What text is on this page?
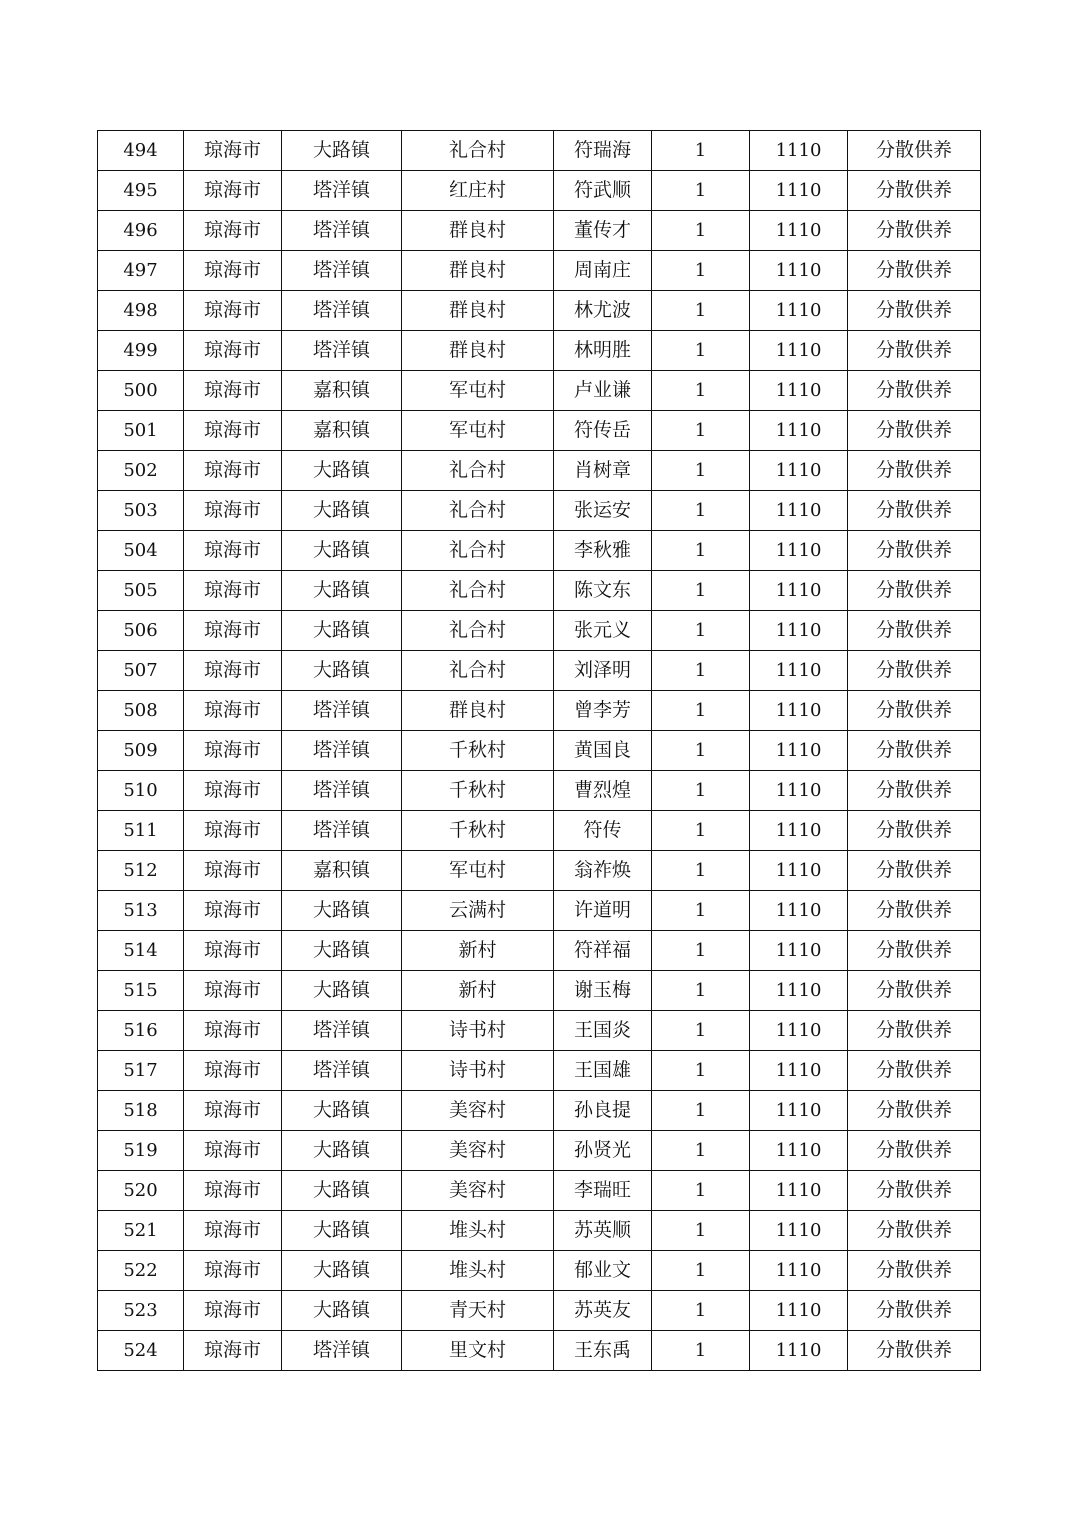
494	琼海市	大路镇	礼合村	符瑞海	1	1110	分散供养
495	琼海市	塔洋镇	红庄村	符武顺	1	1110	分散供养
496	琼海市	塔洋镇	群良村	董传才	1	1110	分散供养
497	琼海市	塔洋镇	群良村	周南庄	1	1110	分散供养
498	琼海市	塔洋镇	群良村	林尤波	1	1110	分散供养
499	琼海市	塔洋镇	群良村	林明胜	1	1110	分散供养
500	琼海市	嘉积镇	军屯村	卢业谦	1	1110	分散供养
501	琼海市	嘉积镇	军屯村	符传岳	1	1110	分散供养
502	琼海市	大路镇	礼合村	肖树章	1	1110	分散供养
503	琼海市	大路镇	礼合村	张运安	1	1110	分散供养
504	琼海市	大路镇	礼合村	李秋雅	1	1110	分散供养
505	琼海市	大路镇	礼合村	陈文东	1	1110	分散供养
506	琼海市	大路镇	礼合村	张元义	1	1110	分散供养
507	琼海市	大路镇	礼合村	刘泽明	1	1110	分散供养
508	琼海市	塔洋镇	群良村	曾李芳	1	1110	分散供养
509	琼海市	塔洋镇	千秋村	黄国良	1	1110	分散供养
510	琼海市	塔洋镇	千秋村	曹烈煌	1	1110	分散供养
511	琼海市	塔洋镇	千秋村	符传	1	1110	分散供养
512	琼海市	嘉积镇	军屯村	翁祚焕	1	1110	分散供养
513	琼海市	大路镇	云满村	许道明	1	1110	分散供养
514	琼海市	大路镇	新村	符祥福	1	1110	分散供养
515	琼海市	大路镇	新村	谢玉梅	1	1110	分散供养
516	琼海市	塔洋镇	诗书村	王国炎	1	1110	分散供养
517	琼海市	塔洋镇	诗书村	王国雄	1	1110	分散供养
518	琼海市	大路镇	美容村	孙良提	1	1110	分散供养
519	琼海市	大路镇	美容村	孙贤光	1	1110	分散供养
520	琼海市	大路镇	美容村	李瑞旺	1	1110	分散供养
521	琼海市	大路镇	堆头村	苏英顺	1	1110	分散供养
522	琼海市	大路镇	堆头村	郁业文	1	1110	分散供养
523	琼海市	大路镇	青天村	苏英友	1	1110	分散供养
524	琼海市	塔洋镇	里文村	王东禹	1	1110	分散供养
